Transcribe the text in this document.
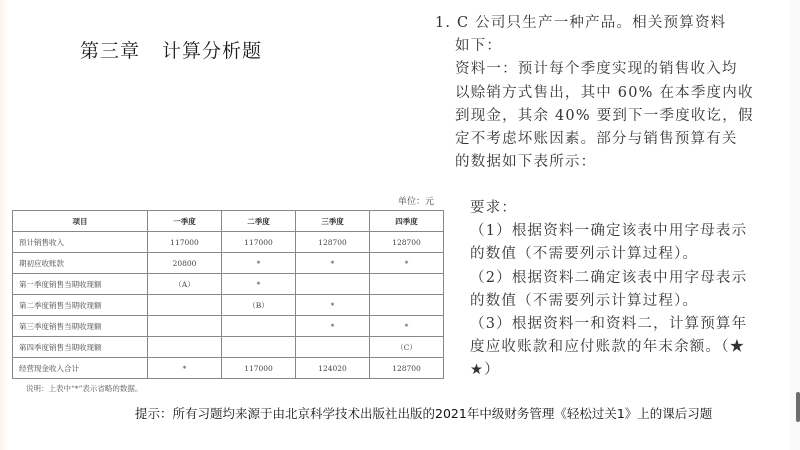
第三章 计算分析题
1. C 公司只生产一种产品。相关预算资料
如下：
资料一：预计每个季度实现的销售收入均
以赊销方式售出，其中 60% 在本季度内收
到现金，其余 40% 要到下一季度收讫，假
定不考虑坏账因素。部分与销售预算有关
的数据如下表所示：
单位：元
项目	一季度	二季度	三季度	四季度
预计销售收入	117000	117000	128700	128700
期初应收账款	20800	*	*	*
第一季度销售当期收现额	（A）	*		
第二季度销售当期收现额		（B）	*	
第三季度销售当期收现额			*	*
第四季度销售当期收现额				（C）
经营现金收入合计	*	117000	124020	128700
说明：上表中“*”表示省略的数据。
要求：
（1）根据资料一确定该表中用字母表示
的数值（不需要列示计算过程）。
（2）根据资料二确定该表中用字母表示
的数值（不需要列示计算过程）。
（3）根据资料一和资料二，计算预算年
度应收账款和应付账款的年末余额。（★
★）
提示：所有习题均来源于由北京科学技术出版社出版的2021年中级财务管理《轻松过关1》上的课后习题
